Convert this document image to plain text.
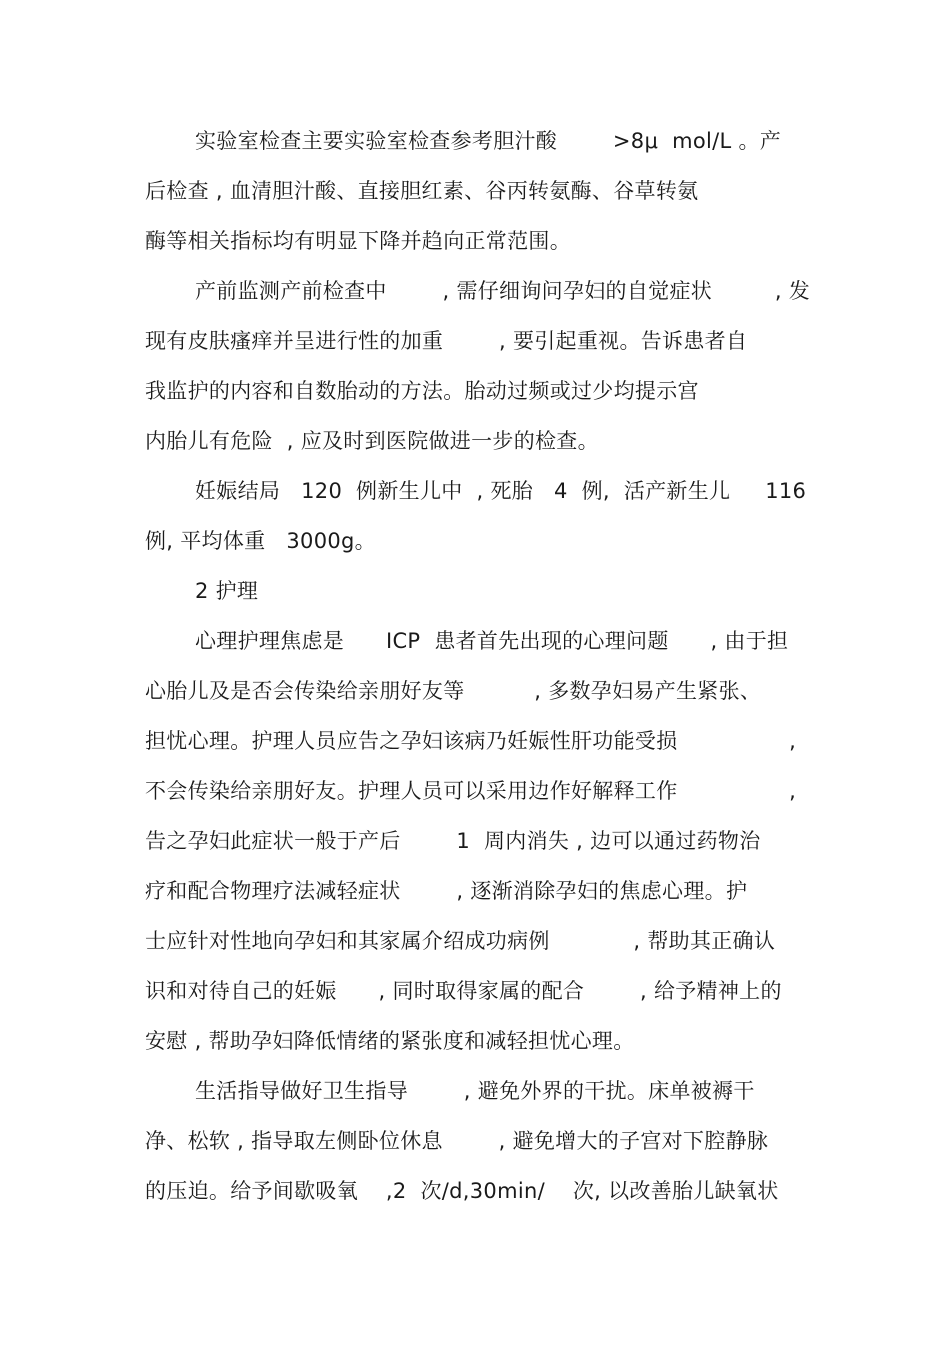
实验室检查主要实验室检查参考胆汁酸        >8μ  mol/L 。产
后检查 , 血清胆汁酸、直接胆红素、谷丙转氨酶、谷草转氨
酶等相关指标均有明显下降并趋向正常范围。
产前监测产前检查中        , 需仔细询问孕妇的自觉症状         , 发
现有皮肤瘙痒并呈进行性的加重        , 要引起重视。告诉患者自
我监护的内容和自数胎动的方法。胎动过频或过少均提示宫
内胎儿有危险  , 应及时到医院做进一步的检查。
妊娠结局   120  例新生儿中  , 死胎   4  例,  活产新生儿     116
例, 平均体重   3000g。
2 护理
心理护理焦虑是      ICP  患者首先出现的心理问题      , 由于担
心胎儿及是否会传染给亲朋好友等          , 多数孕妇易产生紧张、
担忧心理。护理人员应告之孕妇该病乃妊娠性肝功能受损                ,
不会传染给亲朋好友。护理人员可以采用边作好解释工作                ,
告之孕妇此症状一般于产后        1  周内消失 , 边可以通过药物治
疗和配合物理疗法减轻症状        , 逐渐消除孕妇的焦虑心理。护
士应针对性地向孕妇和其家属介绍成功病例            , 帮助其正确认
识和对待自己的妊娠      , 同时取得家属的配合        , 给予精神上的
安慰 , 帮助孕妇降低情绪的紧张度和减轻担忧心理。
生活指导做好卫生指导        , 避免外界的干扰。床单被褥干
净、松软 , 指导取左侧卧位休息        , 避免增大的子宫对下腔静脉
的压迫。给予间歇吸氧    ,2  次/d,30min/    次, 以改善胎儿缺氧状
